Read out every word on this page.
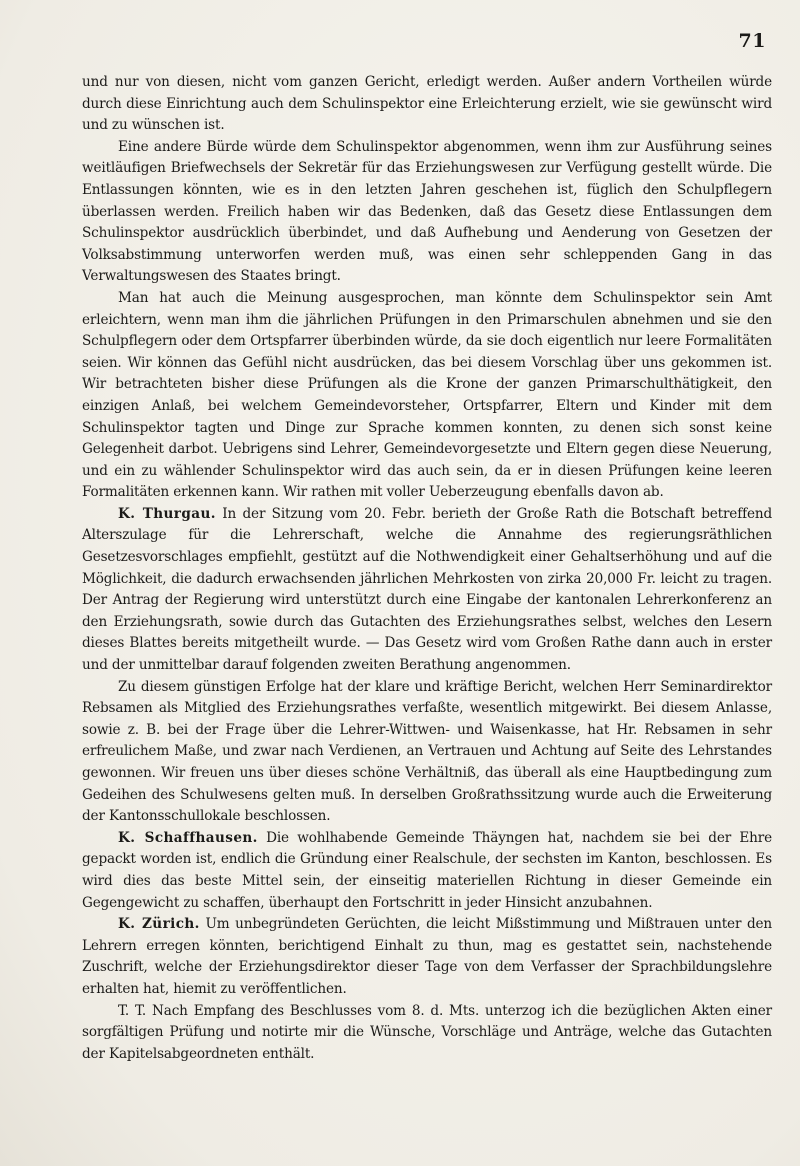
71

und nur von diesen, nicht vom ganzen Gericht, erledigt werden. Außer andern Vortheilen würde durch diese Einrichtung auch dem Schulinspektor eine Erleichterung erzielt, wie sie gewünscht wird und zu wünschen ist.

Eine andere Bürde würde dem Schulinspektor abgenommen, wenn ihm zur Ausführung seines weitläufigen Briefwechsels der Sekretär für das Erziehungswesen zur Verfügung gestellt würde. Die Entlassungen könnten, wie es in den letzten Jahren geschehen ist, füglich den Schulpflegern überlassen werden. Freilich haben wir das Bedenken, daß das Gesetz diese Entlassungen dem Schulinspektor ausdrücklich überbindet, und daß Aufhebung und Aenderung von Gesetzen der Volksabstimmung unterworfen werden muß, was einen sehr schleppenden Gang in das Verwaltungswesen des Staates bringt.

Man hat auch die Meinung ausgesprochen, man könnte dem Schulinspektor sein Amt erleichtern, wenn man ihm die jährlichen Prüfungen in den Primarschulen abnehmen und sie den Schulpflegern oder dem Ortspfarrer überbinden würde, da sie doch eigentlich nur leere Formalitäten seien. Wir können das Gefühl nicht ausdrücken, das bei diesem Vorschlag über uns gekommen ist. Wir betrachteten bisher diese Prüfungen als die Krone der ganzen Primarschulthätigkeit, den einzigen Anlaß, bei welchem Gemeindevorsteher, Ortspfarrer, Eltern und Kinder mit dem Schulinspektor tagten und Dinge zur Sprache kommen konnten, zu denen sich sonst keine Gelegenheit darbot. Uebrigens sind Lehrer, Gemeindevorgesetzte und Eltern gegen diese Neuerung, und ein zu wählender Schulinspektor wird das auch sein, da er in diesen Prüfungen keine leeren Formalitäten erkennen kann. Wir rathen mit voller Ueberzeugung ebenfalls davon ab.

K. Thurgau. In der Sitzung vom 20. Febr. berieth der Große Rath die Botschaft betreffend Alterszulage für die Lehrerschaft, welche die Annahme des regierungsräthlichen Gesetzesvorschlages empfiehlt, gestützt auf die Nothwendigkeit einer Gehaltserhöhung und auf die Möglichkeit, die dadurch erwachsenden jährlichen Mehrkosten von zirka 20,000 Fr. leicht zu tragen. Der Antrag der Regierung wird unterstützt durch eine Eingabe der kantonalen Lehrerkonferenz an den Erziehungsrath, sowie durch das Gutachten des Erziehungsrathes selbst, welches den Lesern dieses Blattes bereits mitgetheilt wurde. — Das Gesetz wird vom Großen Rathe dann auch in erster und der unmittelbar darauf folgenden zweiten Berathung angenommen.

Zu diesem günstigen Erfolge hat der klare und kräftige Bericht, welchen Herr Seminardirektor Rebsamen als Mitglied des Erziehungsrathes verfaßte, wesentlich mitgewirkt. Bei diesem Anlasse, sowie z. B. bei der Frage über die Lehrer-Wittwen- und Waisenkasse, hat Hr. Rebsamen in sehr erfreulichem Maße, und zwar nach Verdienen, an Vertrauen und Achtung auf Seite des Lehrstandes gewonnen. Wir freuen uns über dieses schöne Verhältniß, das überall als eine Hauptbedingung zum Gedeihen des Schulwesens gelten muß. In derselben Großrathssitzung wurde auch die Erweiterung der Kantonsschullokale beschlossen.

K. Schaffhausen. Die wohlhabende Gemeinde Thäyngen hat, nachdem sie bei der Ehre gepackt worden ist, endlich die Gründung einer Realschule, der sechsten im Kanton, beschlossen. Es wird dies das beste Mittel sein, der einseitig materiellen Richtung in dieser Gemeinde ein Gegengewicht zu schaffen, überhaupt den Fortschritt in jeder Hinsicht anzubahnen.

K. Zürich. Um unbegründeten Gerüchten, die leicht Mißstimmung und Mißtrauen unter den Lehrern erregen könnten, berichtigend Einhalt zu thun, mag es gestattet sein, nachstehende Zuschrift, welche der Erziehungsdirektor dieser Tage von dem Verfasser der Sprachbildungslehre erhalten hat, hiemit zu veröffentlichen.

T. T. Nach Empfang des Beschlusses vom 8. d. Mts. unterzog ich die bezüglichen Akten einer sorgfältigen Prüfung und notirte mir die Wünsche, Vorschläge und Anträge, welche das Gutachten der Kapitelsabgeordneten enthält.
